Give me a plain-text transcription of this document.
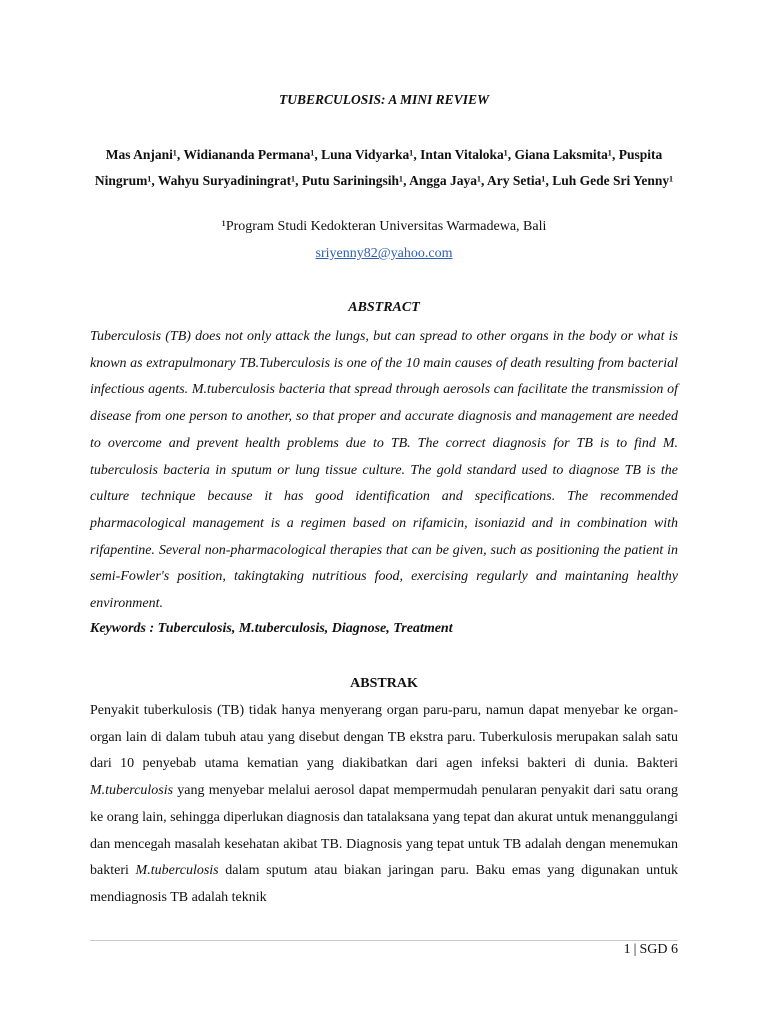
TUBERCULOSIS: A MINI REVIEW
Mas Anjani¹, Widiananda Permana¹, Luna Vidyarka¹, Intan Vitaloka¹, Giana Laksmita¹, Puspita
Ningrum¹, Wahyu Suryadiningrat¹, Putu Sariningsih¹, Angga Jaya¹, Ary Setia¹, Luh Gede Sri Yenny¹
¹Program Studi Kedokteran Universitas Warmadewa, Bali
sriyenny82@yahoo.com
ABSTRACT
Tuberculosis (TB) does not only attack the lungs, but can spread to other organs in the body or what is known as extrapulmonary TB.Tuberculosis is one of the 10 main causes of death resulting from bacterial infectious agents. M.tuberculosis bacteria that spread through aerosols can facilitate the transmission of disease from one person to another, so that proper and accurate diagnosis and management are needed to overcome and prevent health problems due to TB. The correct diagnosis for TB is to find M. tuberculosis bacteria in sputum or lung tissue culture. The gold standard used to diagnose TB is the culture technique because it has good identification and specifications. The recommended pharmacological management is a regimen based on rifamicin, isoniazid and in combination with rifapentine. Several non-pharmacological therapies that can be given, such as positioning the patient in semi-Fowler's position, takingtaking nutritious food, exercising regularly and maintaning healthy environment.
Keywords : Tuberculosis, M.tuberculosis, Diagnose, Treatment
ABSTRAK
Penyakit tuberkulosis (TB) tidak hanya menyerang organ paru-paru, namun dapat menyebar ke organ-organ lain di dalam tubuh atau yang disebut dengan TB ekstra paru. Tuberkulosis merupakan salah satu dari 10 penyebab utama kematian yang diakibatkan dari agen infeksi bakteri di dunia. Bakteri M.tuberculosis yang menyebar melalui aerosol dapat mempermudah penularan penyakit dari satu orang ke orang lain, sehingga diperlukan diagnosis dan tatalaksana yang tepat dan akurat untuk menanggulangi dan mencegah masalah kesehatan akibat TB. Diagnosis yang tepat untuk TB adalah dengan menemukan bakteri M.tuberculosis dalam sputum atau biakan jaringan paru. Baku emas yang digunakan untuk mendiagnosis TB adalah teknik
1 | SGD 6
